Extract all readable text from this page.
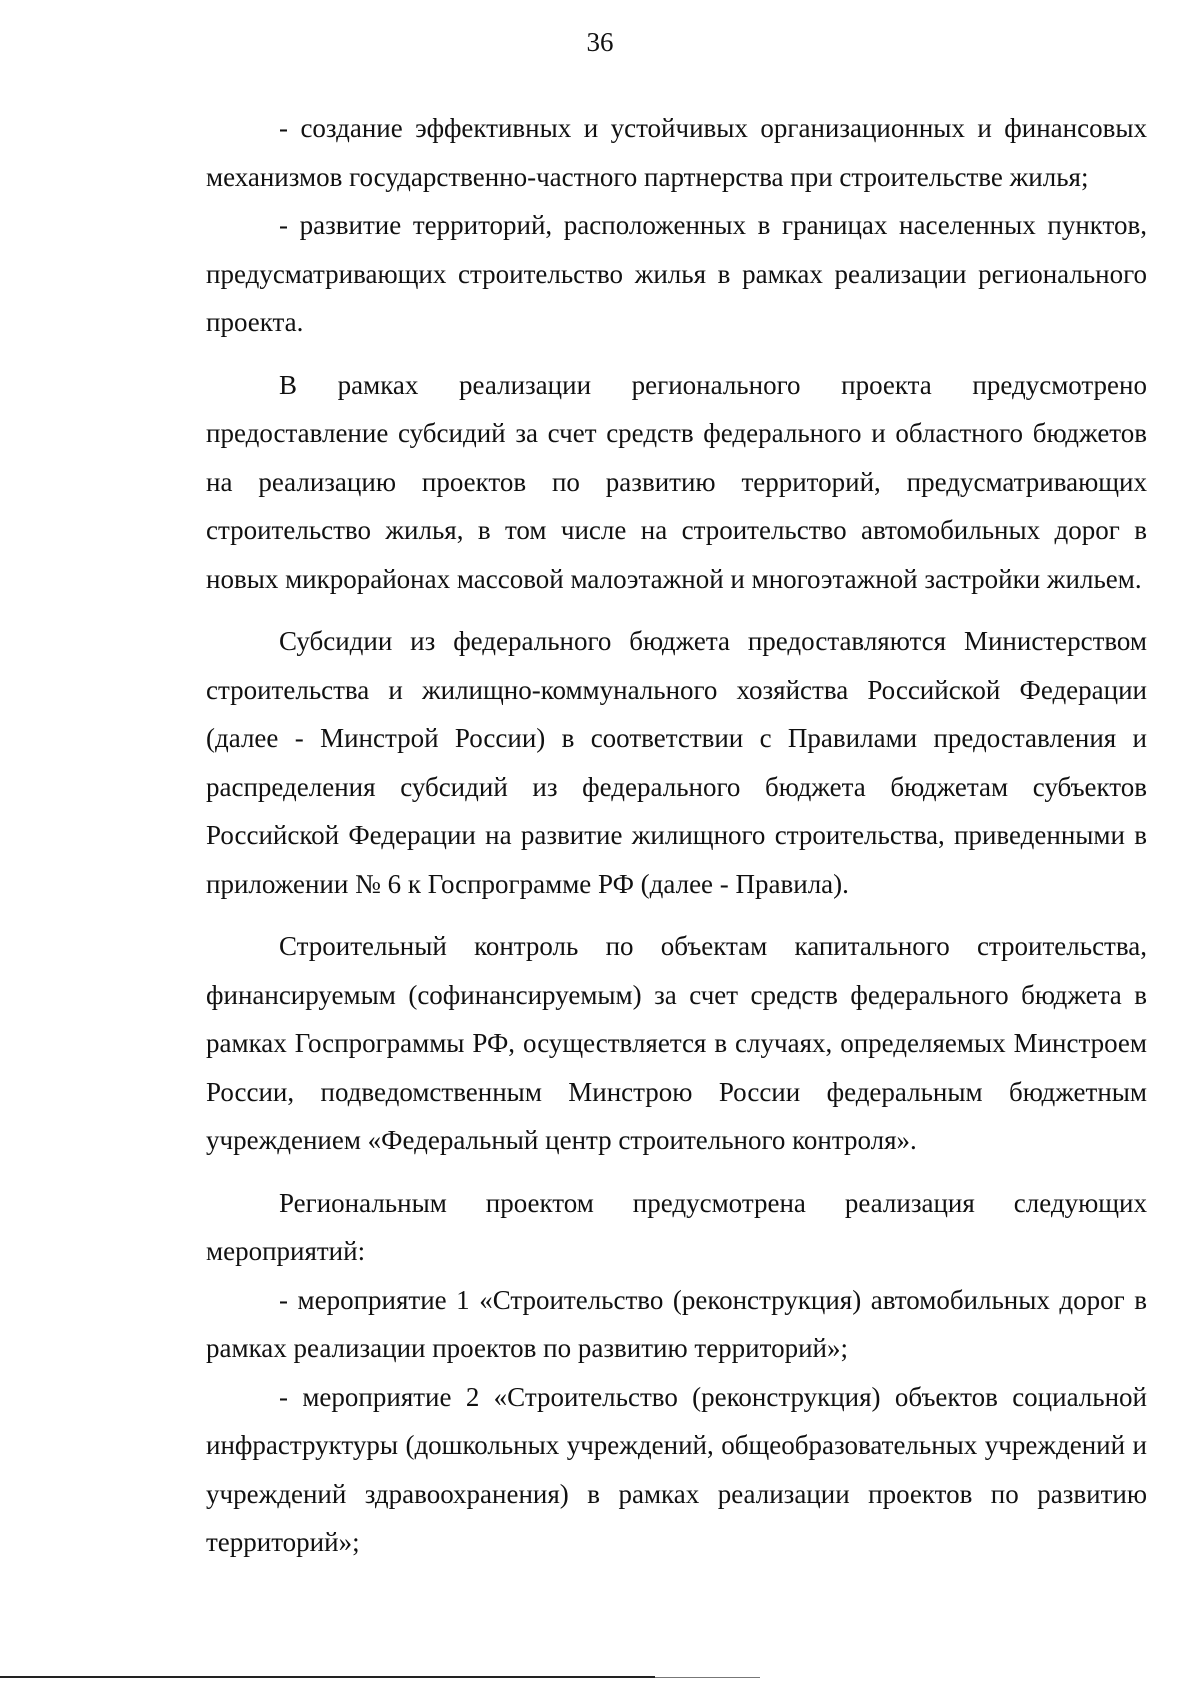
36

- создание эффективных и устойчивых организационных и финансовых механизмов государственно-частного партнерства при строительстве жилья;

- развитие территорий, расположенных в границах населенных пунктов, предусматривающих строительство жилья в рамках реализации регионального проекта.

В рамках реализации регионального проекта предусмотрено предоставление субсидий за счет средств федерального и областного бюджетов на реализацию проектов по развитию территорий, предусматривающих строительство жилья, в том числе на строительство автомобильных дорог в новых микрорайонах массовой малоэтажной и многоэтажной застройки жильем.

Субсидии из федерального бюджета предоставляются Министерством строительства и жилищно-коммунального хозяйства Российской Федерации (далее - Минстрой России) в соответствии с Правилами предоставления и распределения субсидий из федерального бюджета бюджетам субъектов Российской Федерации на развитие жилищного строительства, приведенными в приложении № 6 к Госпрограмме РФ (далее - Правила).

Строительный контроль по объектам капитального строительства, финансируемым (софинансируемым) за счет средств федерального бюджета в рамках Госпрограммы РФ, осуществляется в случаях, определяемых Минстроем России, подведомственным Минстрою России федеральным бюджетным учреждением «Федеральный центр строительного контроля».

Региональным проектом предусмотрена реализация следующих мероприятий:

- мероприятие 1 «Строительство (реконструкция) автомобильных дорог в рамках реализации проектов по развитию территорий»;

- мероприятие 2 «Строительство (реконструкция) объектов социальной инфраструктуры (дошкольных учреждений, общеобразовательных учреждений и учреждений здравоохранения) в рамках реализации проектов по развитию территорий»;
